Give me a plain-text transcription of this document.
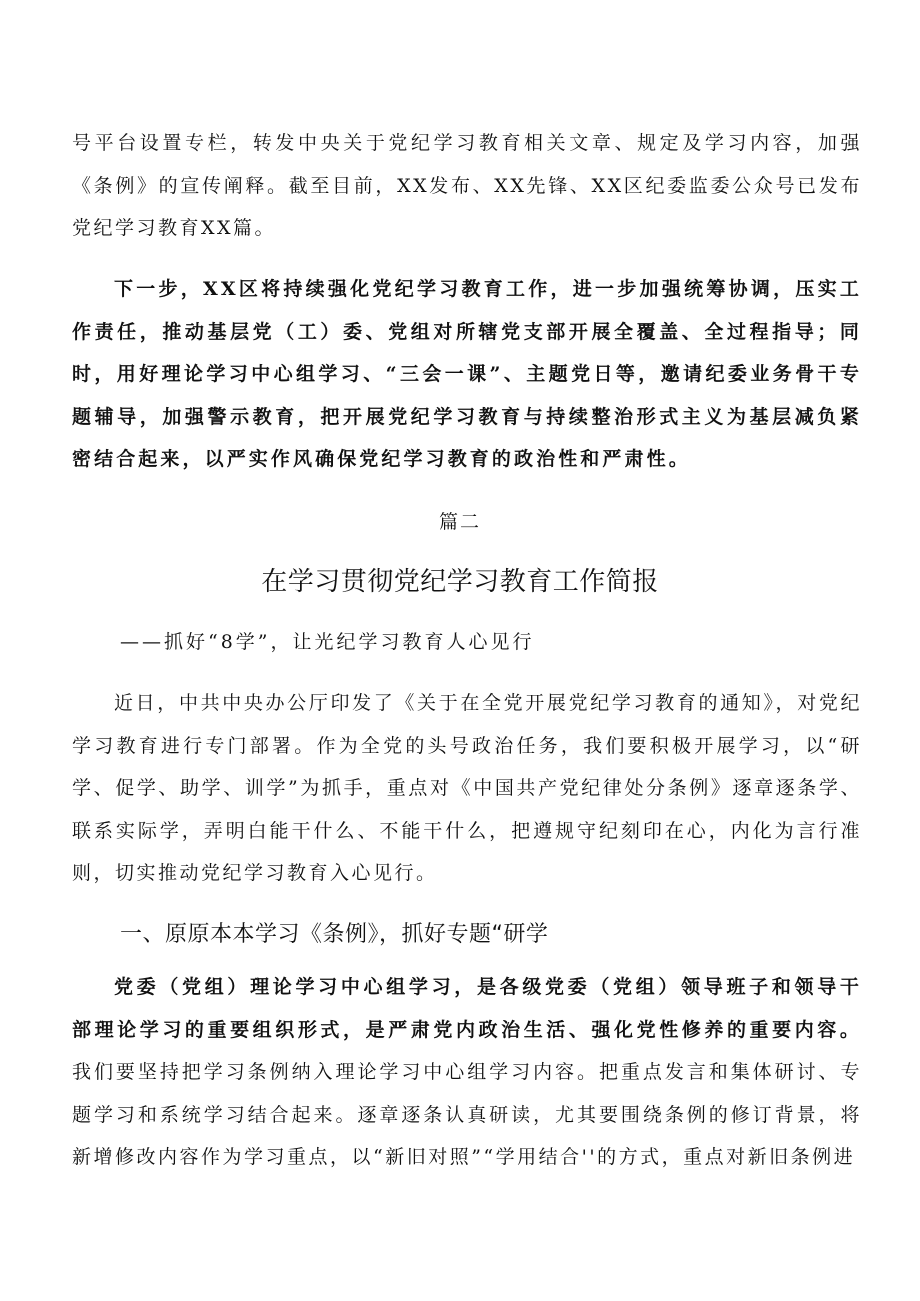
号平台设置专栏，转发中央关于党纪学习教育相关文章、规定及学习内容，加强《条例》的宣传阐释。截至目前，XX发布、XX先锋、XX区纪委监委公众号已发布党纪学习教育XX篇。

下一步，XX区将持续强化党纪学习教育工作，进一步加强统筹协调，压实工作责任，推动基层党（工）委、党组对所辖党支部开展全覆盖、全过程指导；同时，用好理论学习中心组学习、“三会一课”、主题党日等，邀请纪委业务骨干专题辅导，加强警示教育，把开展党纪学习教育与持续整治形式主义为基层减负紧密结合起来，以严实作风确保党纪学习教育的政治性和严肃性。

篇二

在学习贯彻党纪学习教育工作简报

——抓好“8学”，让光纪学习教育人心见行

近日，中共中央办公厅印发了《关于在全党开展党纪学习教育的通知》，对党纪学习教育进行专门部署。作为全党的头号政治任务，我们要积极开展学习，以“研学、促学、助学、训学”为抓手，重点对《中国共产党纪律处分条例》逐章逐条学、联系实际学，弄明白能干什么、不能干什么，把遵规守纪刻印在心，内化为言行准则，切实推动党纪学习教育入心见行。

一、原原本本学习《条例》，抓好专题“研学

党委（党组）理论学习中心组学习，是各级党委（党组）领导班子和领导干部理论学习的重要组织形式，是严肃党内政治生活、强化党性修养的重要内容。我们要坚持把学习条例纳入理论学习中心组学习内容。把重点发言和集体研讨、专题学习和系统学习结合起来。逐章逐条认真研读，尤其要围绕条例的修订背景，将新增修改内容作为学习重点，以“新旧对照”“学用结合''的方式，重点对新旧条例进
